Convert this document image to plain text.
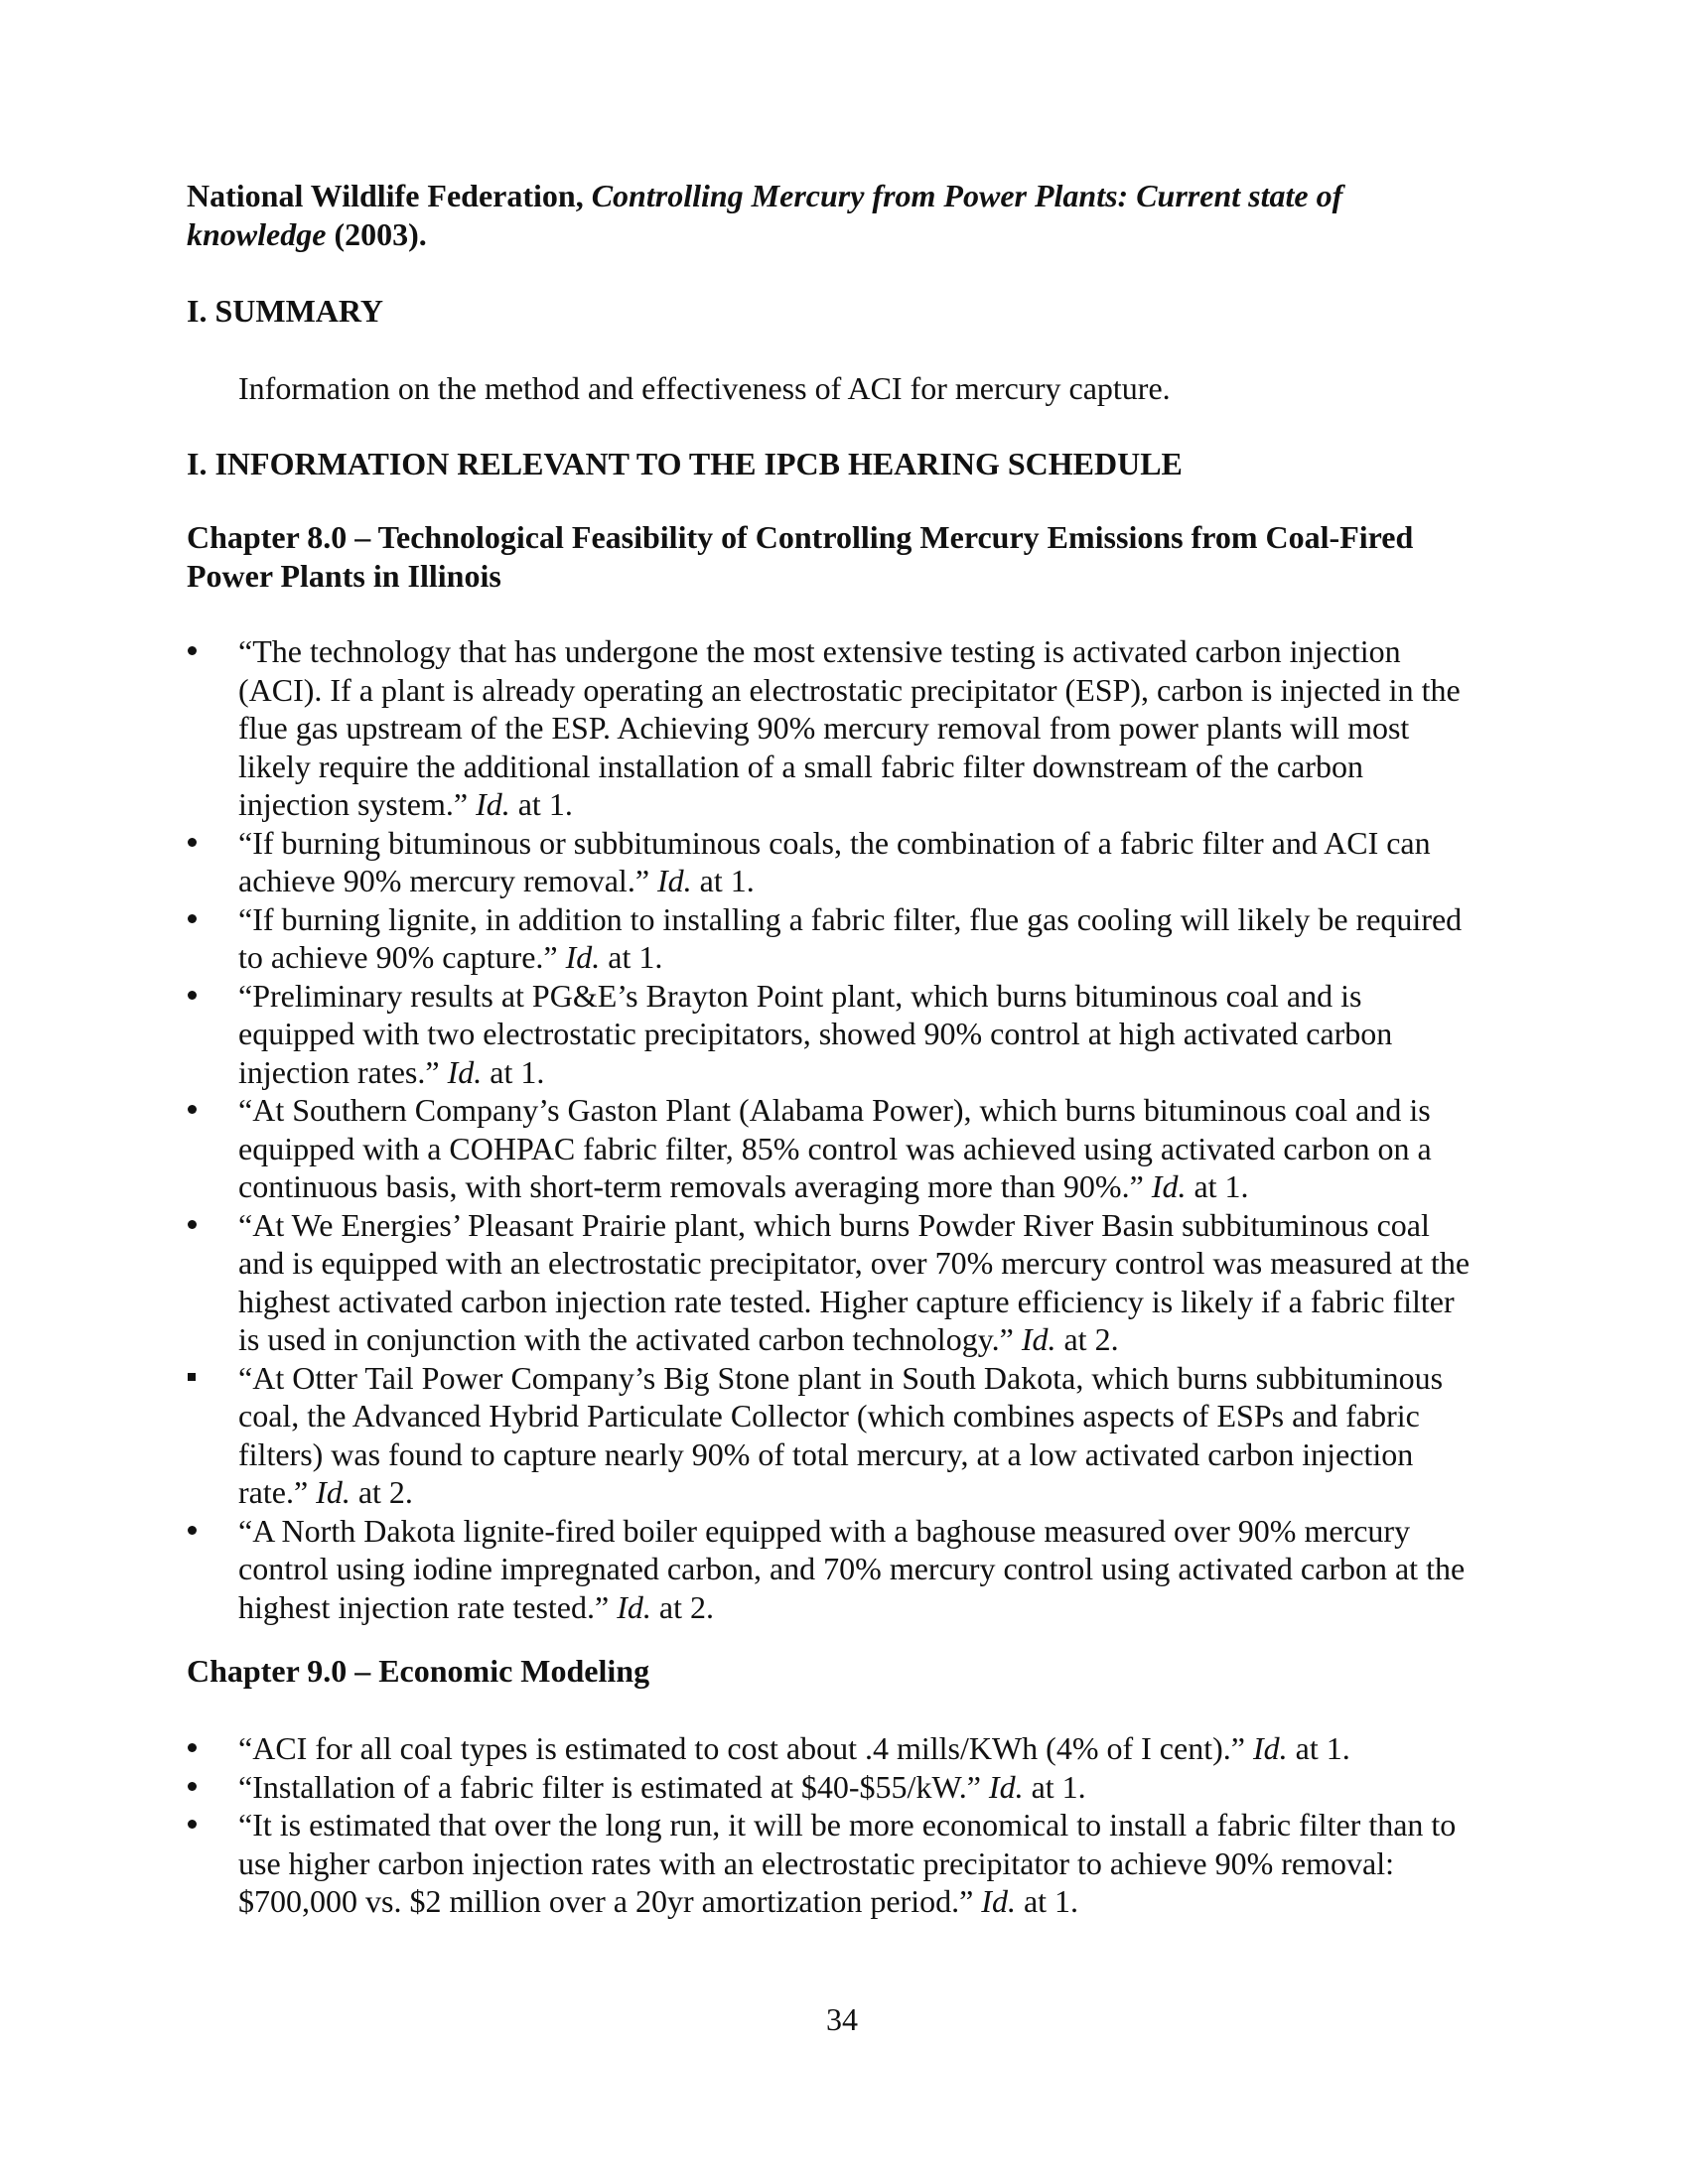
National Wildlife Federation, Controlling Mercury from Power Plants: Current state of knowledge (2003).
I. SUMMARY
Information on the method and effectiveness of ACI for mercury capture.
I. INFORMATION RELEVANT TO THE IPCB HEARING SCHEDULE
Chapter 8.0 – Technological Feasibility of Controlling Mercury Emissions from Coal-Fired Power Plants in Illinois
“The technology that has undergone the most extensive testing is activated carbon injection (ACI). If a plant is already operating an electrostatic precipitator (ESP), carbon is injected in the flue gas upstream of the ESP. Achieving 90% mercury removal from power plants will most likely require the additional installation of a small fabric filter downstream of the carbon injection system.” Id. at 1.
“If burning bituminous or subbituminous coals, the combination of a fabric filter and ACI can achieve 90% mercury removal.” Id. at 1.
“If burning lignite, in addition to installing a fabric filter, flue gas cooling will likely be required to achieve 90% capture.” Id. at 1.
“Preliminary results at PG&E’s Brayton Point plant, which burns bituminous coal and is equipped with two electrostatic precipitators, showed 90% control at high activated carbon injection rates.” Id. at 1.
“At Southern Company’s Gaston Plant (Alabama Power), which burns bituminous coal and is equipped with a COHPAC fabric filter, 85% control was achieved using activated carbon on a continuous basis, with short-term removals averaging more than 90%.” Id. at 1.
“At We Energies’ Pleasant Prairie plant, which burns Powder River Basin subbituminous coal and is equipped with an electrostatic precipitator, over 70% mercury control was measured at the highest activated carbon injection rate tested. Higher capture efficiency is likely if a fabric filter is used in conjunction with the activated carbon technology.” Id. at 2.
“At Otter Tail Power Company’s Big Stone plant in South Dakota, which burns subbituminous coal, the Advanced Hybrid Particulate Collector (which combines aspects of ESPs and fabric filters) was found to capture nearly 90% of total mercury, at a low activated carbon injection rate.” Id. at 2.
“A North Dakota lignite-fired boiler equipped with a baghouse measured over 90% mercury control using iodine impregnated carbon, and 70% mercury control using activated carbon at the highest injection rate tested.” Id. at 2.
Chapter 9.0 – Economic Modeling
“ACI for all coal types is estimated to cost about .4 mills/KWh (4% of I cent).” Id. at 1.
“Installation of a fabric filter is estimated at $40-$55/kW.” Id. at 1.
“It is estimated that over the long run, it will be more economical to install a fabric filter than to use higher carbon injection rates with an electrostatic precipitator to achieve 90% removal: $700,000 vs. $2 million over a 20yr amortization period.” Id. at 1.
34
